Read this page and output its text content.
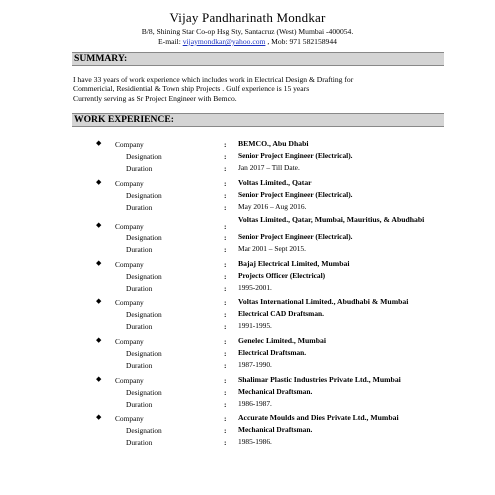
Vijay Pandharinath Mondkar
B/8, Shining Star Co-op Hsg Sty, Santacruz (West) Mumbai -400054.
E-mail: vijaymondkar@yahoo.com , Mob: 971 582158944
SUMMARY:
I have 33 years of work experience which includes work in Electrical Design & Drafting for
Commericial, Residiential & Town ship Projects . Gulf experience is 15 years
Currently serving as Sr Project Engineer with Bemco.
WORK EXPERIENCE:
◆ Company	: BEMCO., Abu Dhabi
Designation	: Senior Project Engineer (Electrical).
Duration	: Jan 2017 – Till Date.
◆ Company	: Voltas Limited., Qatar
Designation	: Senior Project Engineer (Electrical).
Duration	: May 2016 – Aug 2016.
◆ Company	:
Voltas Limited., Qatar, Mumbai, Mauritius, & Abudhabi
Designation	: Senior Project Engineer (Electrical).
Duration	: Mar 2001 – Sept 2015.
◆ Company	: Bajaj Electrical Limited, Mumbai
Designation	: Projects Officer (Electrical)
Duration	: 1995-2001.
◆ Company	: Voltas International Limited., Abudhabi & Mumbai
Designation	: Electrical CAD Draftsman.
Duration	: 1991-1995.
◆ Company	: Genelec Limited., Mumbai
Designation	: Electrical Draftsman.
Duration	: 1987-1990.
◆ Company	: Shalimar Plastic Industries Private Ltd., Mumbai
Designation	: Mechanical Draftsman.
Duration	: 1986-1987.
◆ Company	: Accurate Moulds and Dies Private Ltd., Mumbai
Designation	: Mechanical Draftsman.
Duration	: 1985-1986.
